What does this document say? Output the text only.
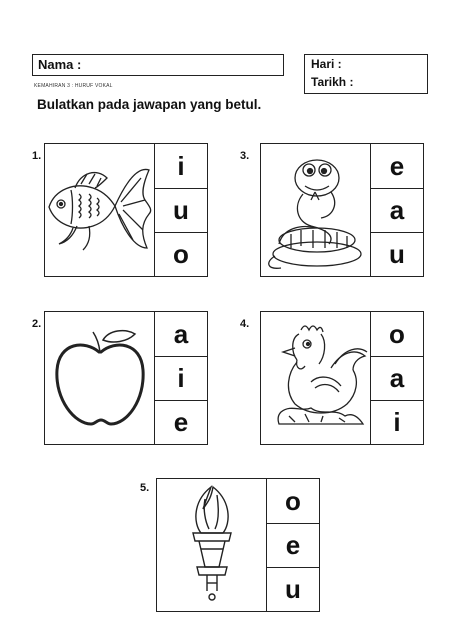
Nama :	Hari :
Tarikh :
KEMAHIRAN 3 : HURUF VOKAL
Bulatkan pada jawapan yang betul.
1.	i
u
o
3.	e
a
u
2.	a
i
e
4.	o
a
i
5.	o
e
u
